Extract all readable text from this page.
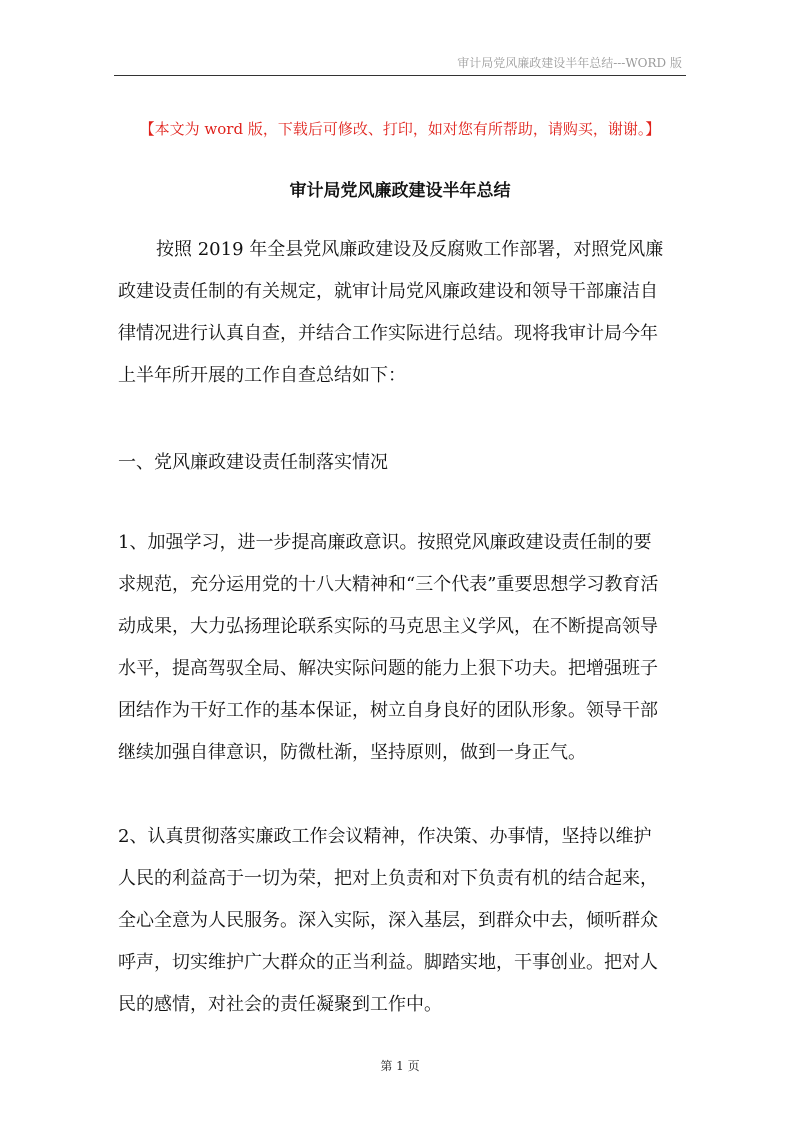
审计局党风廉政建设半年总结---WORD 版
【本文为 word 版，下载后可修改、打印，如对您有所帮助，请购买，谢谢。】
审计局党风廉政建设半年总结
按照 2019 年全县党风廉政建设及反腐败工作部署，对照党风廉
政建设责任制的有关规定，就审计局党风廉政建设和领导干部廉洁自
律情况进行认真自查，并结合工作实际进行总结。现将我审计局今年
上半年所开展的工作自查总结如下：
一、党风廉政建设责任制落实情况
1、加强学习，进一步提高廉政意识。按照党风廉政建设责任制的要
求规范，充分运用党的十八大精神和“三个代表”重要思想学习教育活
动成果，大力弘扬理论联系实际的马克思主义学风，在不断提高领导
水平，提高驾驭全局、解决实际问题的能力上狠下功夫。把增强班子
团结作为干好工作的基本保证，树立自身良好的团队形象。领导干部
继续加强自律意识，防微杜渐，坚持原则，做到一身正气。
2、认真贯彻落实廉政工作会议精神，作决策、办事情，坚持以维护
人民的利益高于一切为荣，把对上负责和对下负责有机的结合起来，
全心全意为人民服务。深入实际，深入基层，到群众中去，倾听群众
呼声，切实维护广大群众的正当利益。脚踏实地，干事创业。把对人
民的感情，对社会的责任凝聚到工作中。
第 1 页
